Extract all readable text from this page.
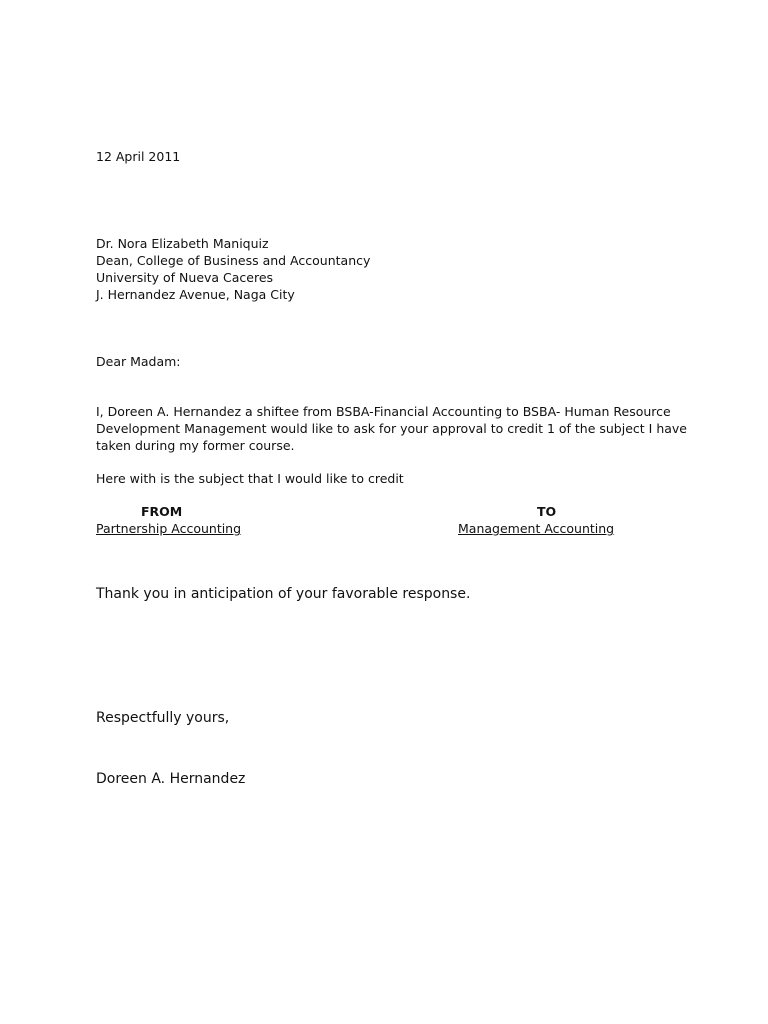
12 April 2011
Dr. Nora Elizabeth Maniquiz
Dean, College of Business and Accountancy
University of Nueva Caceres
J. Hernandez Avenue, Naga City
Dear Madam:
I, Doreen A. Hernandez a shiftee from BSBA-Financial Accounting to BSBA- Human Resource
Development Management would like to ask for your approval to credit 1 of the subject I have
taken during my former course.
Here with is the subject that I would like to credit
FROM	TO
Partnership Accounting	Management Accounting
Thank you in anticipation of your favorable response.
Respectfully yours,
Doreen A. Hernandez
